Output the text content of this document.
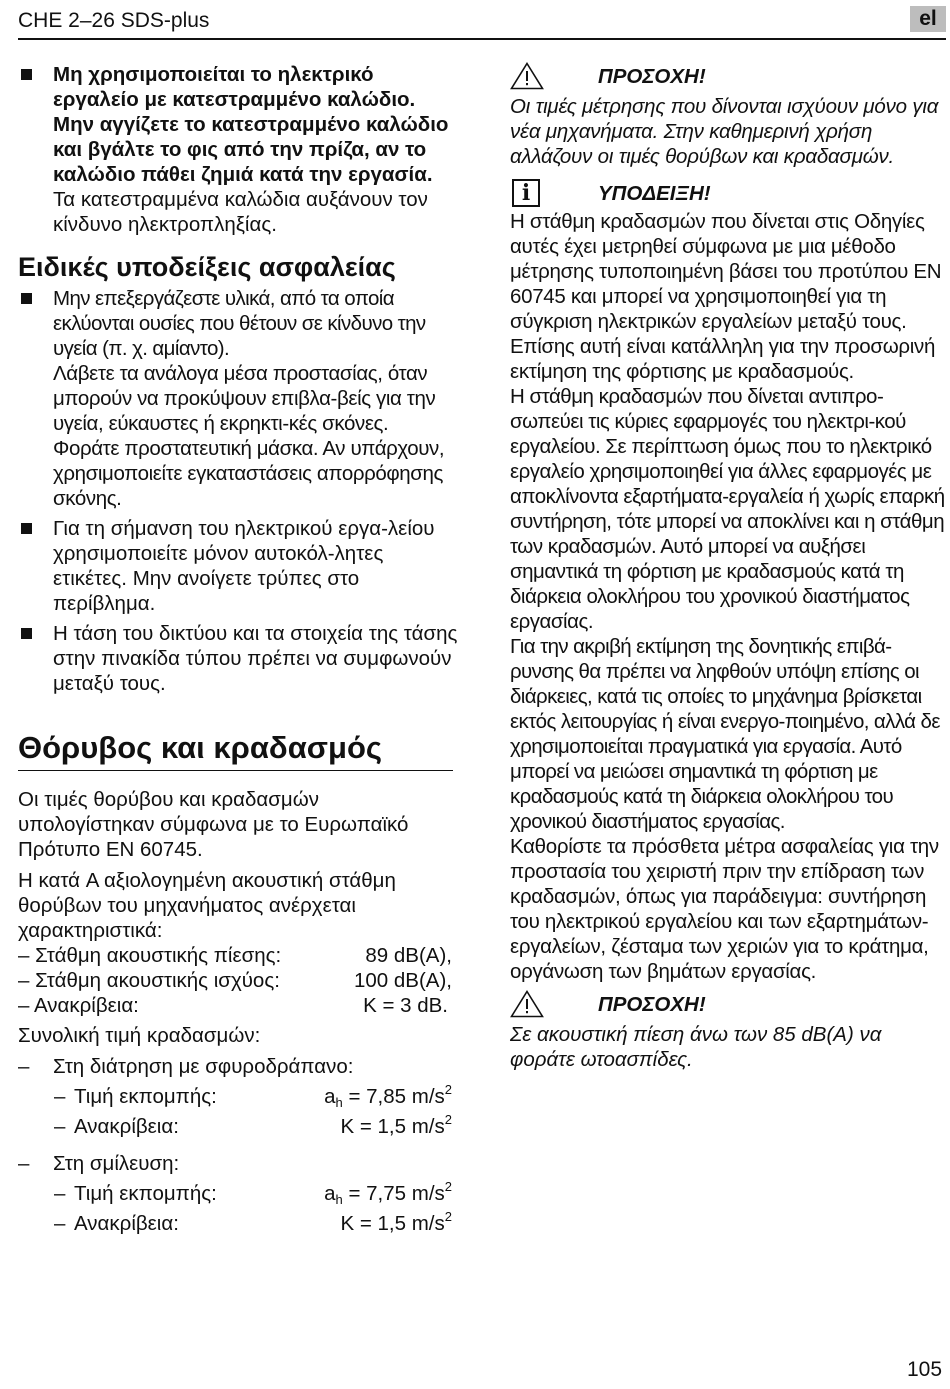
CHE 2–26 SDS-plus	el
Μη χρησιμοποιείται το ηλεκτρικό εργαλείο με κατεστραμμένο καλώδιο. Μην αγγίζετε το κατεστραμμένο καλώδιο και βγάλτε το φις από την πρίζα, αν το καλώδιο πάθει ζημιά κατά την εργασία. Τα κατεστραμμένα καλώδια αυξάνουν τον κίνδυνο ηλεκτροπληξίας.
Ειδικές υποδείξεις ασφαλείας
Μην επεξεργάζεστε υλικά, από τα οποία εκλύονται ουσίες που θέτουν σε κίνδυνο την υγεία (π. χ. αμίαντο).
Λάβετε τα ανάλογα μέσα προστασίας, όταν μπορούν να προκύψουν επιβλα-βείς για την υγεία, εύκαυστες ή εκρηκτι-κές σκόνες. Φοράτε προστατευτική μάσκα. Αν υπάρχουν, χρησιμοποιείτε εγκαταστάσεις απορρόφησης σκόνης.
Για τη σήμανση του ηλεκτρικού εργα-λείου χρησιμοποιείτε μόνον αυτοκόλ-λητες ετικέτες. Μην ανοίγετε τρύπες στο περίβλημα.
Η τάση του δικτύου και τα στοιχεία της τάσης στην πινακίδα τύπου πρέπει να συμφωνούν μεταξύ τους.
Θόρυβος και κραδασμός
Οι τιμές θορύβου και κραδασμών υπολογίστηκαν σύμφωνα με το Ευρωπαϊκό Πρότυπο EN 60745.
Η κατά A αξιολογημένη ακουστική στάθμη θορύβων του μηχανήματος ανέρχεται χαρακτηριστικά:
– Στάθμη ακουστικής πίεσης:	89 dB(A),
– Στάθμη ακουστικής ισχύος:	100 dB(A),
– Ανακρίβεια:	K = 3 dB.
Συνολική τιμή κραδασμών:
– Στη διάτρηση με σφυροδράπανο:
– Τιμή εκπομπής:	$a_h = 7,85$ $m/s^2$
– Ανακρίβεια:	K = 1,5 $m/s^2$
– Στη σμίλευση:
– Τιμή εκπομπής:	$a_h = 7,75$ $m/s^2$
– Ανακρίβεια:	K = 1,5 $m/s^2$
ΠΡΟΣΟΧΗ!
Οι τιμές μέτρησης που δίνονται ισχύουν μόνο για νέα μηχανήματα. Στην καθημερινή χρήση αλλάζουν οι τιμές θορύβων και κραδασμών.
i	ΥΠΟΔΕΙΞΗ!
Η στάθμη κραδασμών που δίνεται στις Οδηγίες αυτές έχει μετρηθεί σύμφωνα με μια μέθοδο μέτρησης τυποποιημένη βάσει του προτύπου EN 60745 και μπορεί να χρησιμοποιηθεί για τη σύγκριση ηλεκτρικών εργαλείων μεταξύ τους. Επίσης αυτή είναι κατάλληλη για την προσωρινή εκτίμηση της φόρτισης με κραδασμούς.
Η στάθμη κραδασμών που δίνεται αντιπρο-σωπεύει τις κύριες εφαρμογές του ηλεκτρι-κού εργαλείου. Σε περίπτωση όμως που το ηλεκτρικό εργαλείο χρησιμοποιηθεί για άλλες εφαρμογές με αποκλίνοντα εξαρτήματα-εργαλεία ή χωρίς επαρκή συντήρηση, τότε μπορεί να αποκλίνει και η στάθμη των κραδασμών. Αυτό μπορεί να αυξήσει σημαντικά τη φόρτιση με κραδασμούς κατά τη διάρκεια ολοκλήρου του χρονικού διαστήματος εργασίας.
Για την ακριβή εκτίμηση της δονητικής επιβά-ρυνσης θα πρέπει να ληφθούν υπόψη επίσης οι διάρκειες, κατά τις οποίες το μηχάνημα βρίσκεται εκτός λειτουργίας ή είναι ενεργο-ποιημένο, αλλά δε χρησιμοποιείται πραγματικά για εργασία. Αυτό μπορεί να μειώσει σημαντικά τη φόρτιση με κραδασμούς κατά τη διάρκεια ολοκλήρου του χρονικού διαστήματος εργασίας.
Καθορίστε τα πρόσθετα μέτρα ασφαλείας για την προστασία του χειριστή πριν την επίδραση των κραδασμών, όπως για παράδειγμα: συντήρηση του ηλεκτρικού εργαλείου και των εξαρτημάτων-εργαλείων, ζέσταμα των χεριών για το κράτημα, οργάνωση των βημάτων εργασίας.
ΠΡΟΣΟΧΗ!
Σε ακουστική πίεση άνω των 85 dB(A) να φοράτε ωτοασπίδες.
105
